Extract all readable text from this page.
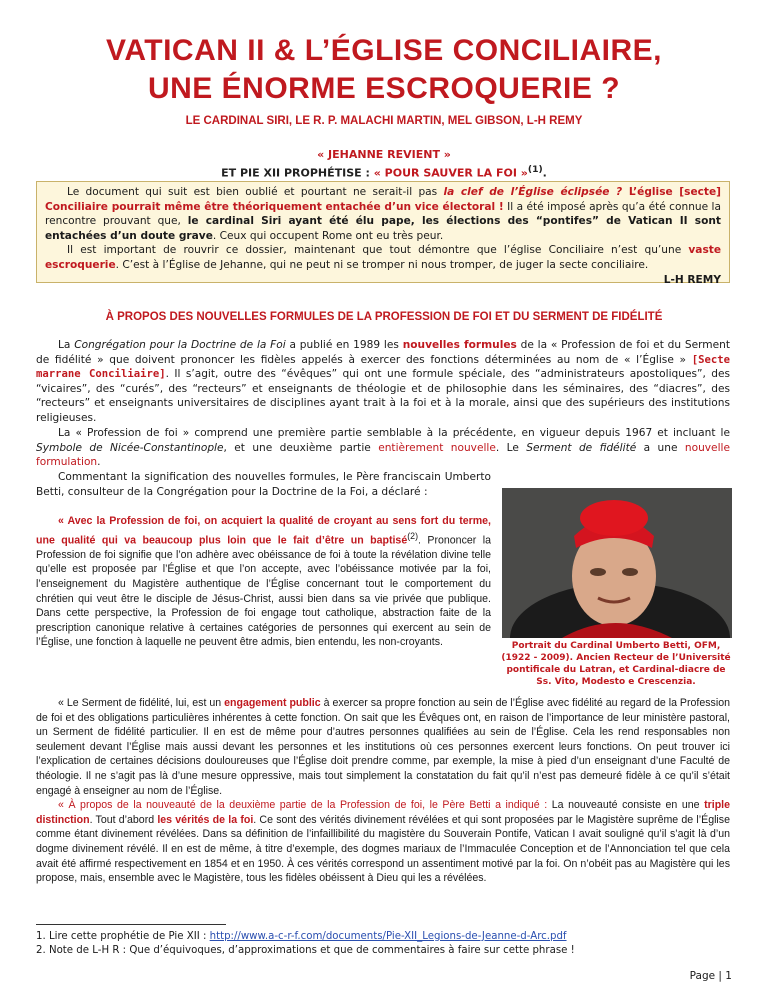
VATICAN II & L’ÉGLISE CONCILIAIRE,
UNE ÉNORME ESCROQUERIE ?
LE CARDINAL SIRI, LE R. P. MALACHI MARTIN, MEL GIBSON, L-H REMY
« JEHANNE REVIENT »
ET PIE XII PROPHÉTISE : « POUR SAUVER LA FOI »$^{(1)}$.

Le document qui suit est bien oublié et pourtant ne serait-il pas la clef de l’Église éclipsée ? L’église [secte] Conciliaire pourrait même être théoriquement entachée d’un vice électoral ! Il a été imposé après qu’a été connue la rencontre prouvant que, le cardinal Siri ayant été élu pape, les élections des “pontifes” de Vatican II sont entachées d’un doute grave. Ceux qui occupent Rome ont eu très peur.

Il est important de rouvrir ce dossier, maintenant que tout démontre que l’église Conciliaire n’est qu’une vaste escroquerie. C’est à l’Église de Jehanne, qui ne peut ni se tromper ni nous tromper, de juger la secte conciliaire.

L-H REMY
À PROPOS DES NOUVELLES FORMULES DE LA PROFESSION DE FOI ET DU SERMENT DE FIDÉLITÉ

La Congrégation pour la Doctrine de la Foi a publié en 1989 les nouvelles formules de la « Profession de foi et du Serment de fidélité » que doivent prononcer les fidèles appelés à exercer des fonctions déterminées au nom de « l’Église » [Secte marrane Conciliaire]. Il s’agit, outre des “évêques” qui ont une formule spéciale, des “administrateurs apostoliques”, des “vicaires”, des “curés”, des “recteurs” et enseignants de théologie et de philosophie dans les séminaires, des “diacres”, des “recteurs” et enseignants universitaires de disciplines ayant trait à la foi et à la morale, ainsi que des supérieurs des institutions religieuses.

La « Profession de foi » comprend une première partie semblable à la précédente, en vigueur depuis 1967 et incluant le Symbole de Nicée-Constantinople, et une deuxième partie entièrement nouvelle. Le Serment de fidélité a une nouvelle formulation.

Commentant la signification des nouvelles formules, le Père franciscain Umberto Betti, consulteur de la Congrégation pour la Doctrine de la Foi, a déclaré :

« Avec la Profession de foi, on acquiert la qualité de croyant au sens fort du terme, une qualité qui va beaucoup plus loin que le fait d’être un baptisé$^{(2)}$. Prononcer la Profession de foi signifie que l’on adhère avec obéissance de foi à toute la révélation divine telle qu’elle est proposée par l’Église et que l’on accepte, avec l’obéissance motivée par la foi, l’enseignement du Magistère authentique de l’Église concernant tout le comportement du chrétien qui veut être le disciple de Jésus-Christ, aussi bien dans sa vie privée que publique. Dans cette perspective, la Profession de foi engage tout catholique, abstraction faite de la prescription canonique relative à certaines catégories de personnes qui exercent au sein de l’Église, une fonction à laquelle ne peuvent être admis, bien entendu, les non-croyants.	Portrait du Cardinal Umberto Betti, OFM, (1922 - 2009). Ancien Recteur de l’Université pontificale du Latran, et Cardinal-diacre de Ss. Vito, Modesto e Crescenzia.

« Le Serment de fidélité, lui, est un engagement public à exercer sa propre fonction au sein de l’Église avec fidélité au regard de la Profession de foi et des obligations particulières inhérentes à cette fonction. On sait que les Évêques ont, en raison de l’importance de leur ministère pastoral, un Serment de fidélité particulier. Il en est de même pour d’autres personnes qualifiées au sein de l’Église. Cela les rend responsables non seulement devant l’Église mais aussi devant les personnes et les institutions où ces personnes exercent leurs fonctions. On peut trouver ici l’explication de certaines décisions douloureuses que l’Église doit prendre comme, par exemple, la mise à pied d’un enseignant d’une Faculté de théologie. Il ne s’agit pas là d’une mesure oppressive, mais tout simplement la constatation du fait qu’il n’est pas demeuré fidèle à ce qu’il s’était engagé à enseigner au nom de l’Église.

« À propos de la nouveauté de la deuxième partie de la Profession de foi, le Père Betti a indiqué : La nouveauté consiste en une triple distinction. Tout d’abord les vérités de la foi. Ce sont des vérités divinement révélées et qui sont proposées par le Magistère suprême de l’Église comme étant divinement révélées. Dans sa définition de l’infaillibilité du magistère du Souverain Pontife, Vatican I avait souligné qu’il s’agit là d’un dogme divinement révélé. Il en est de même, à titre d’exemple, des dogmes mariaux de l’Immaculée Conception et de l’Annonciation tel que cela avait été affirmé respectivement en 1854 et en 1950. À ces vérités correspond un assentiment motivé par la foi. On n’obéit pas au Magistère qui les propose, mais, ensemble avec le Magistère, tous les fidèles obéissent à Dieu qui les a révélées.

1. Lire cette prophétie de Pie XII : http://www.a-c-r-f.com/documents/Pie-XII_Legions-de-Jeanne-d-Arc.pdf
2. Note de L-H R : Que d’équivoques, d’approximations et que de commentaires à faire sur cette phrase !
Page | 1
